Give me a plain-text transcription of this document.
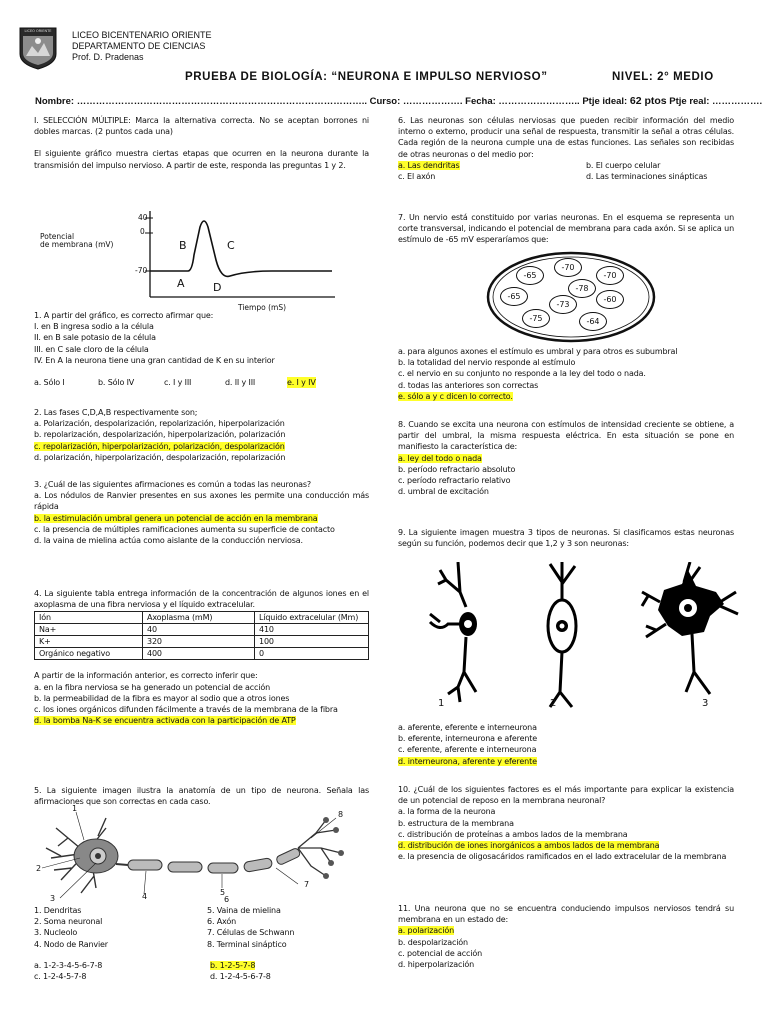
LICEO ORIENTE LICEO BICENTENARIO ORIENTE
DEPARTAMENTO DE CIENCIAS
Prof. D. Pradenas
PRUEBA DE BIOLOGÍA: “NEURONA E IMPULSO NERVIOSO”	NIVEL: 2° MEDIO
Nombre: ……………………………………………………………………………….. Curso: ………………. Fecha: …………………….. Ptje ideal: 62 ptos Ptje real: …………….

I. SELECCIÓN MÚLTIPLE: Marca la alternativa correcta. No se aceptan borrones ni dobles marcas. (2 puntos cada una)

El siguiente gráfico muestra ciertas etapas que ocurren en la neurona durante la transmisión del impulso nervioso. A partir de este, responda las preguntas 1 y 2.

Potencial
de membrana (mV)
40
0
-70
A
B	C
D
Tiempo (mS)
1. A partir del gráfico, es correcto afirmar que:
I. en B ingresa sodio a la célula
II. en B sale potasio de la célula
III. en C sale cloro de la célula
IV. En A la neurona tiene una gran cantidad de K en su interior
a. Sólo I	b. Sólo IV	c. I y III	d. II y III	e. I y IV
2. Las fases C,D,A,B respectivamente son;
a. Polarización, despolarización, repolarización, hiperpolarización
b. repolarización, despolarización, hiperpolarización, polarización
c. repolarización, hiperpolarización, polarización, despolarización
d. polarización, hiperpolarización, despolarización, repolarización

3. ¿Cuál de las siguientes afirmaciones es común a todas las neuronas?

a. Los nódulos de Ranvier presentes en sus axones les permite una conducción más rápida

b. la estimulación umbral genera un potencial de acción en la membrana

c. la presencia de múltiples ramificaciones aumenta su superficie de contacto

d. la vaina de mielina actúa como aislante de la conducción nerviosa.

4. La siguiente tabla entrega información de la concentración de algunos iones en el axoplasma de una fibra nerviosa y el líquido extracelular.

Ión	Axoplasma (mM)	Líquido extracelular (Mm)
Na+	40	410
K+	320	100
Orgánico negativo	400	0
A partir de la información anterior, es correcto inferir que:
a. en la fibra nerviosa se ha generado un potencial de acción
b. la permeabilidad de la fibra es mayor al sodio que a otros iones

c. los iones orgánicos difunden fácilmente a través de la membrana de la fibra

d. la bomba Na-K se encuentra activada con la participación de ATP

5. La siguiente imagen ilustra la anatomía de un tipo de neurona. Señala las afirmaciones que son correctas en cada caso.

1
2
3	4	5
6
7
8
1. Dendritas
2. Soma neuronal
3. Nucleolo
4. Nodo de Ranvier
5. Vaina de mielina
6. Axón
7. Células de Schwann
8. Terminal sináptico
a. 1-2-3-4-5-6-7-8
c. 1-2-4-5-7-8
b. 1-2-5-7-8
d. 1-2-4-5-6-7-8

6. Las neuronas son células nerviosas que pueden recibir información del medio interno o externo, producir una señal de respuesta, transmitir la señal a otras células. Cada región de la neurona cumple una de estas funciones. Las señales son recibidas de otras neuronas o del medio por:

a. Las dendritas
c. El axón
b. El cuerpo celular
d. Las terminaciones sinápticas

7. Un nervio está constituido por varias neuronas. En el esquema se representa un corte transversal, indicando el potencial de membrana para cada axón. Si se aplica un estímulo de -65 mV esperaríamos que:

-70
-65	-70
-78
-65	-60
-73
-75	-64
a. para algunos axones el estímulo es umbral y para otros es subumbral
b. la totalidad del nervio responde al estímulo
c. el nervio en su conjunto no responde a la ley del todo o nada.
d. todas las anteriores son correctas
e. sólo a y c dicen lo correcto.

8. Cuando se excita una neurona con estímulos de intensidad creciente se obtiene, a partir del umbral, la misma respuesta eléctrica. En esta situación se pone en manifiesto la característica de:

a. ley del todo o nada
b. período refractario absoluto
c. período refractario relativo
d. umbral de excitación

9. La siguiente imagen muestra 3 tipos de neuronas. Si clasificamos estas neuronas según su función, podemos decir que 1,2 y 3 son neuronas:

1	2	3
a. aferente, eferente e interneurona
b. eferente, interneurona e aferente
c. eferente, aferente e interneurona
d. interneurona, aferente y eferente

10. ¿Cuál de los siguientes factores es el más importante para explicar la existencia de un potencial de reposo en la membrana neuronal?

a. la forma de la neurona
b. estructura de la membrana
c. distribución de proteínas a ambos lados de la membrana
d. distribución de iones inorgánicos a ambos lados de la membrana

e. la presencia de oligosacáridos ramificados en el lado extracelular de la membrana

11. Una neurona que no se encuentra conduciendo impulsos nerviosos tendrá su membrana en un estado de:

a. polarización
b. despolarización
c. potencial de acción
d. hiperpolarización
